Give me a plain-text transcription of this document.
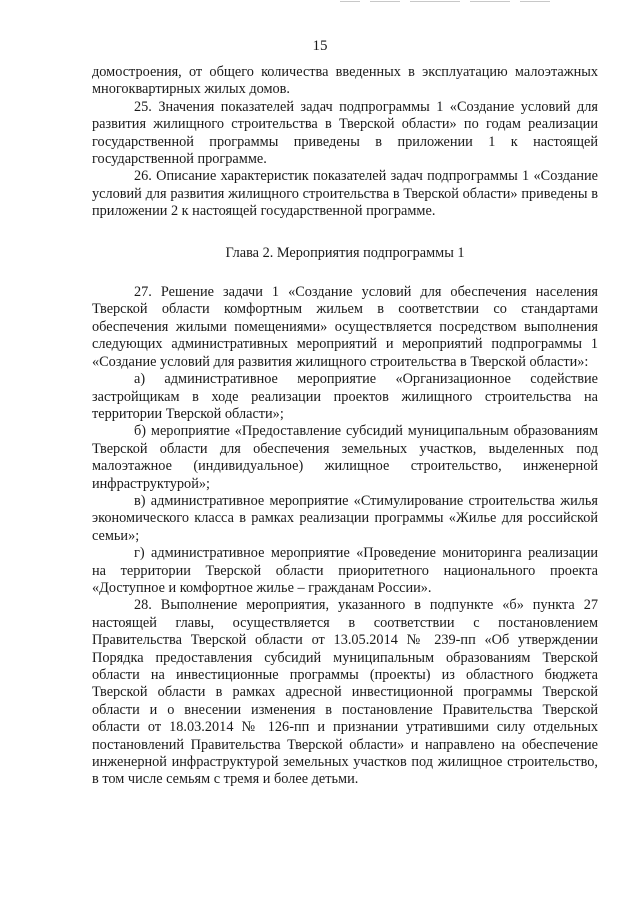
15

домостроения, от общего количества введенных в эксплуатацию малоэтажных многоквартирных жилых домов.

25. Значения показателей задач подпрограммы 1 «Создание условий для развития жилищного строительства в Тверской области» по годам реализации государственной программы приведены в приложении 1 к настоящей государственной программе.

26. Описание характеристик показателей задач подпрограммы 1 «Создание условий для развития жилищного строительства в Тверской области» приведены в приложении 2 к настоящей государственной программе.

Глава 2. Мероприятия подпрограммы 1

27. Решение задачи 1 «Создание условий для обеспечения населения Тверской области комфортным жильем в соответствии со стандартами обеспечения жилыми помещениями» осуществляется посредством выполнения следующих административных мероприятий и мероприятий подпрограммы 1 «Создание условий для развития жилищного строительства в Тверской области»:

а) административное мероприятие «Организационное содействие застройщикам в ходе реализации проектов жилищного строительства на территории Тверской области»;

б) мероприятие «Предоставление субсидий муниципальным образованиям Тверской области для обеспечения земельных участков, выделенных под малоэтажное (индивидуальное) жилищное строительство, инженерной инфраструктурой»;

в) административное мероприятие «Стимулирование строительства жилья экономического класса в рамках реализации программы «Жилье для российской семьи»;

г) административное мероприятие «Проведение мониторинга реализации на территории Тверской области приоритетного национального проекта «Доступное и комфортное жилье – гражданам России».

28. Выполнение мероприятия, указанного в подпункте «б» пункта 27 настоящей главы, осуществляется в соответствии с постановлением Правительства Тверской области от 13.05.2014 № 239-пп «Об утверждении Порядка предоставления субсидий муниципальным образованиям Тверской области на инвестиционные программы (проекты) из областного бюджета Тверской области в рамках адресной инвестиционной программы Тверской области и о внесении изменения в постановление Правительства Тверской области от 18.03.2014 № 126-пп и признании утратившими силу отдельных постановлений Правительства Тверской области» и направлено на обеспечение инженерной инфраструктурой земельных участков под жилищное строительство, в том числе семьям с тремя и более детьми.
